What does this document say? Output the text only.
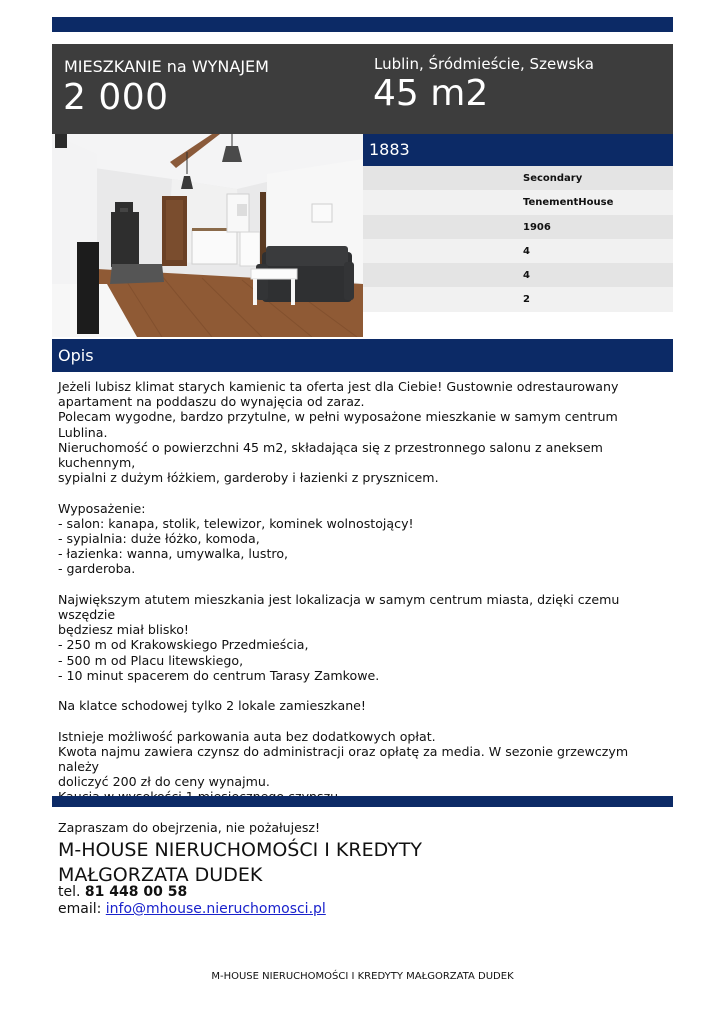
MIESZKANIE na WYNAJEM
2 000
Lublin, Śródmieście, Szewska
45 m2
1883
Secondary
TenementHouse
1906
4
4
2
Opis
Jeżeli lubisz klimat starych kamienic ta oferta jest dla Ciebie! Gustownie odrestaurowany
apartament na poddaszu do wynajęcia od zaraz.
Polecam wygodne, bardzo przytulne, w pełni wyposażone mieszkanie w samym centrum Lublina.
Nieruchomość o powierzchni 45 m2, składająca się z przestronnego salonu z aneksem kuchennym,
sypialni z dużym łóżkiem, garderoby i łazienki z prysznicem.

Wyposażenie:
- salon: kanapa, stolik, telewizor, kominek wolnostojący!
- sypialnia: duże łóżko, komoda,
- łazienka: wanna, umywalka, lustro,
- garderoba.

Największym atutem mieszkania jest lokalizacja w samym centrum miasta, dzięki czemu wszędzie
będziesz miał blisko!
- 250 m od Krakowskiego Przedmieścia,
- 500 m od Placu litewskiego,
- 10 minut spacerem do centrum Tarasy Zamkowe.

Na klatce schodowej tylko 2 lokale zamieszkane!

Istnieje możliwość parkowania auta bez dodatkowych opłat.
Kwota najmu zawiera czynsz do administracji oraz opłatę za media. W sezonie grzewczym należy
doliczyć 200 zł do ceny wynajmu.

Zapraszam do obejrzenia, nie pożałujesz!
M-HOUSE NIERUCHOMOŚCI I KREDYTY
MAŁGORZATA DUDEK
tel. 81 448 00 58
email: info@mhouse.nieruchomosci.pl
M-HOUSE NIERUCHOMOŚCI I KREDYTY MAŁGORZATA DUDEK
